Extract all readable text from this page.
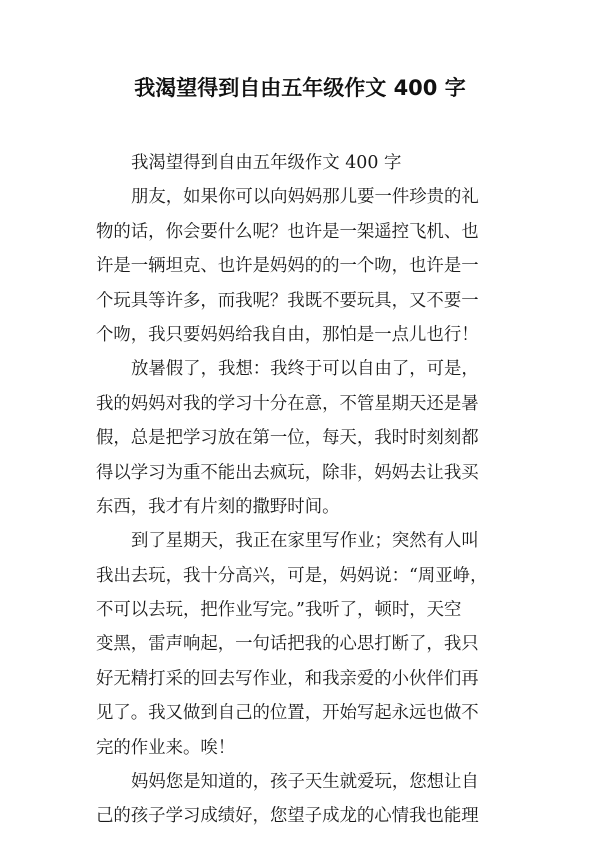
我渴望得到自由五年级作文 400 字
我渴望得到自由五年级作文 400 字
朋友，如果你可以向妈妈那儿要一件珍贵的礼
物的话，你会要什么呢？也许是一架遥控飞机、也
许是一辆坦克、也许是妈妈的的一个吻，也许是一
个玩具等许多，而我呢？我既不要玩具，又不要一
个吻，我只要妈妈给我自由，那怕是一点儿也行！
放暑假了，我想：我终于可以自由了，可是，
我的妈妈对我的学习十分在意，不管星期天还是暑
假，总是把学习放在第一位，每天，我时时刻刻都
得以学习为重不能出去疯玩，除非，妈妈去让我买
东西，我才有片刻的撒野时间。
到了星期天，我正在家里写作业；突然有人叫
我出去玩，我十分高兴，可是，妈妈说：“周亚峥，
不可以去玩，把作业写完。”我听了，顿时，天空
变黑，雷声响起，一句话把我的心思打断了，我只
好无精打采的回去写作业，和我亲爱的小伙伴们再
见了。我又做到自己的位置，开始写起永远也做不
完的作业来。唉！
妈妈您是知道的，孩子天生就爱玩，您想让自
己的孩子学习成绩好，您望子成龙的心情我也能理
